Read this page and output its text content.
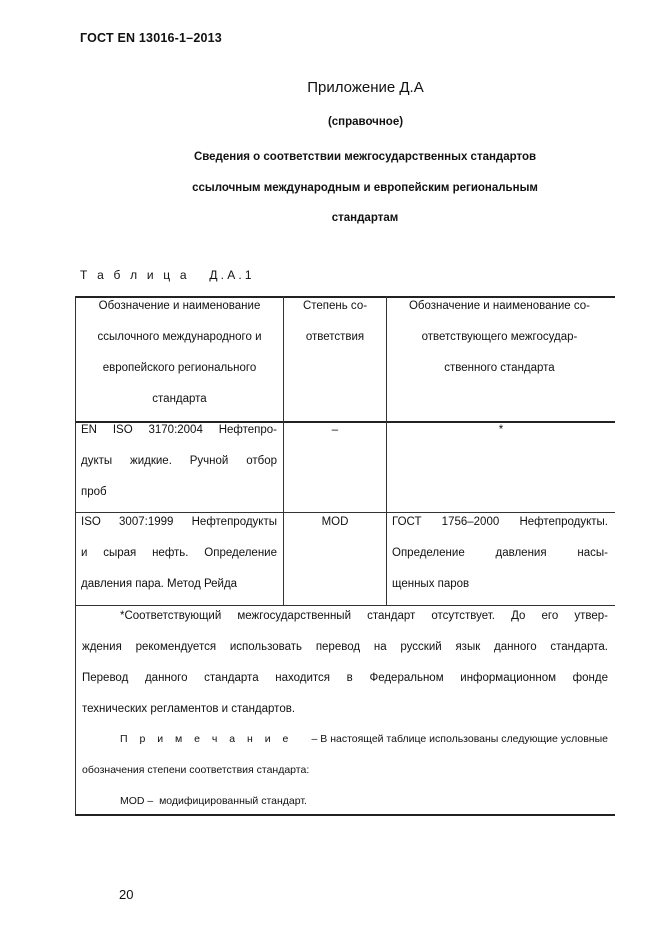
ГОСТ EN 13016-1–2013
Приложение Д.А
(справочное)
Сведения о соответствии межгосударственных стандартов
ссылочным международным и европейским региональным
стандартам
Т а б л и ц а   Д.А.1
Обозначение и наименование
ссылочного международного и
европейского регионального
стандарта
Степень со-
ответствия
Обозначение и наименование со-
ответствующего межгосудар-
ственного стандарта
EN ISO 3170:2004 Нефтепро-
дукты жидкие. Ручной отбор
проб
–	*
ISO 3007:1999 Нефтепродукты
и сырая нефть. Определение
давления пара. Метод Рейда
MOD	ГОСТ 1756–2000 Нефтепродукты.
Определение давления насы-
щенных паров
*Соответствующий межгосударственный стандарт отсутствует. До его утвер-
ждения рекомендуется использовать перевод на русский язык данного стандарта.
Перевод данного стандарта находится в Федеральном информационном фонде
технических регламентов и стандартов.
П р и м е ч а н и е – В настоящей таблице использованы следующие условные
обозначения степени соответствия стандарта:
MOD –  модифицированный стандарт.
20
